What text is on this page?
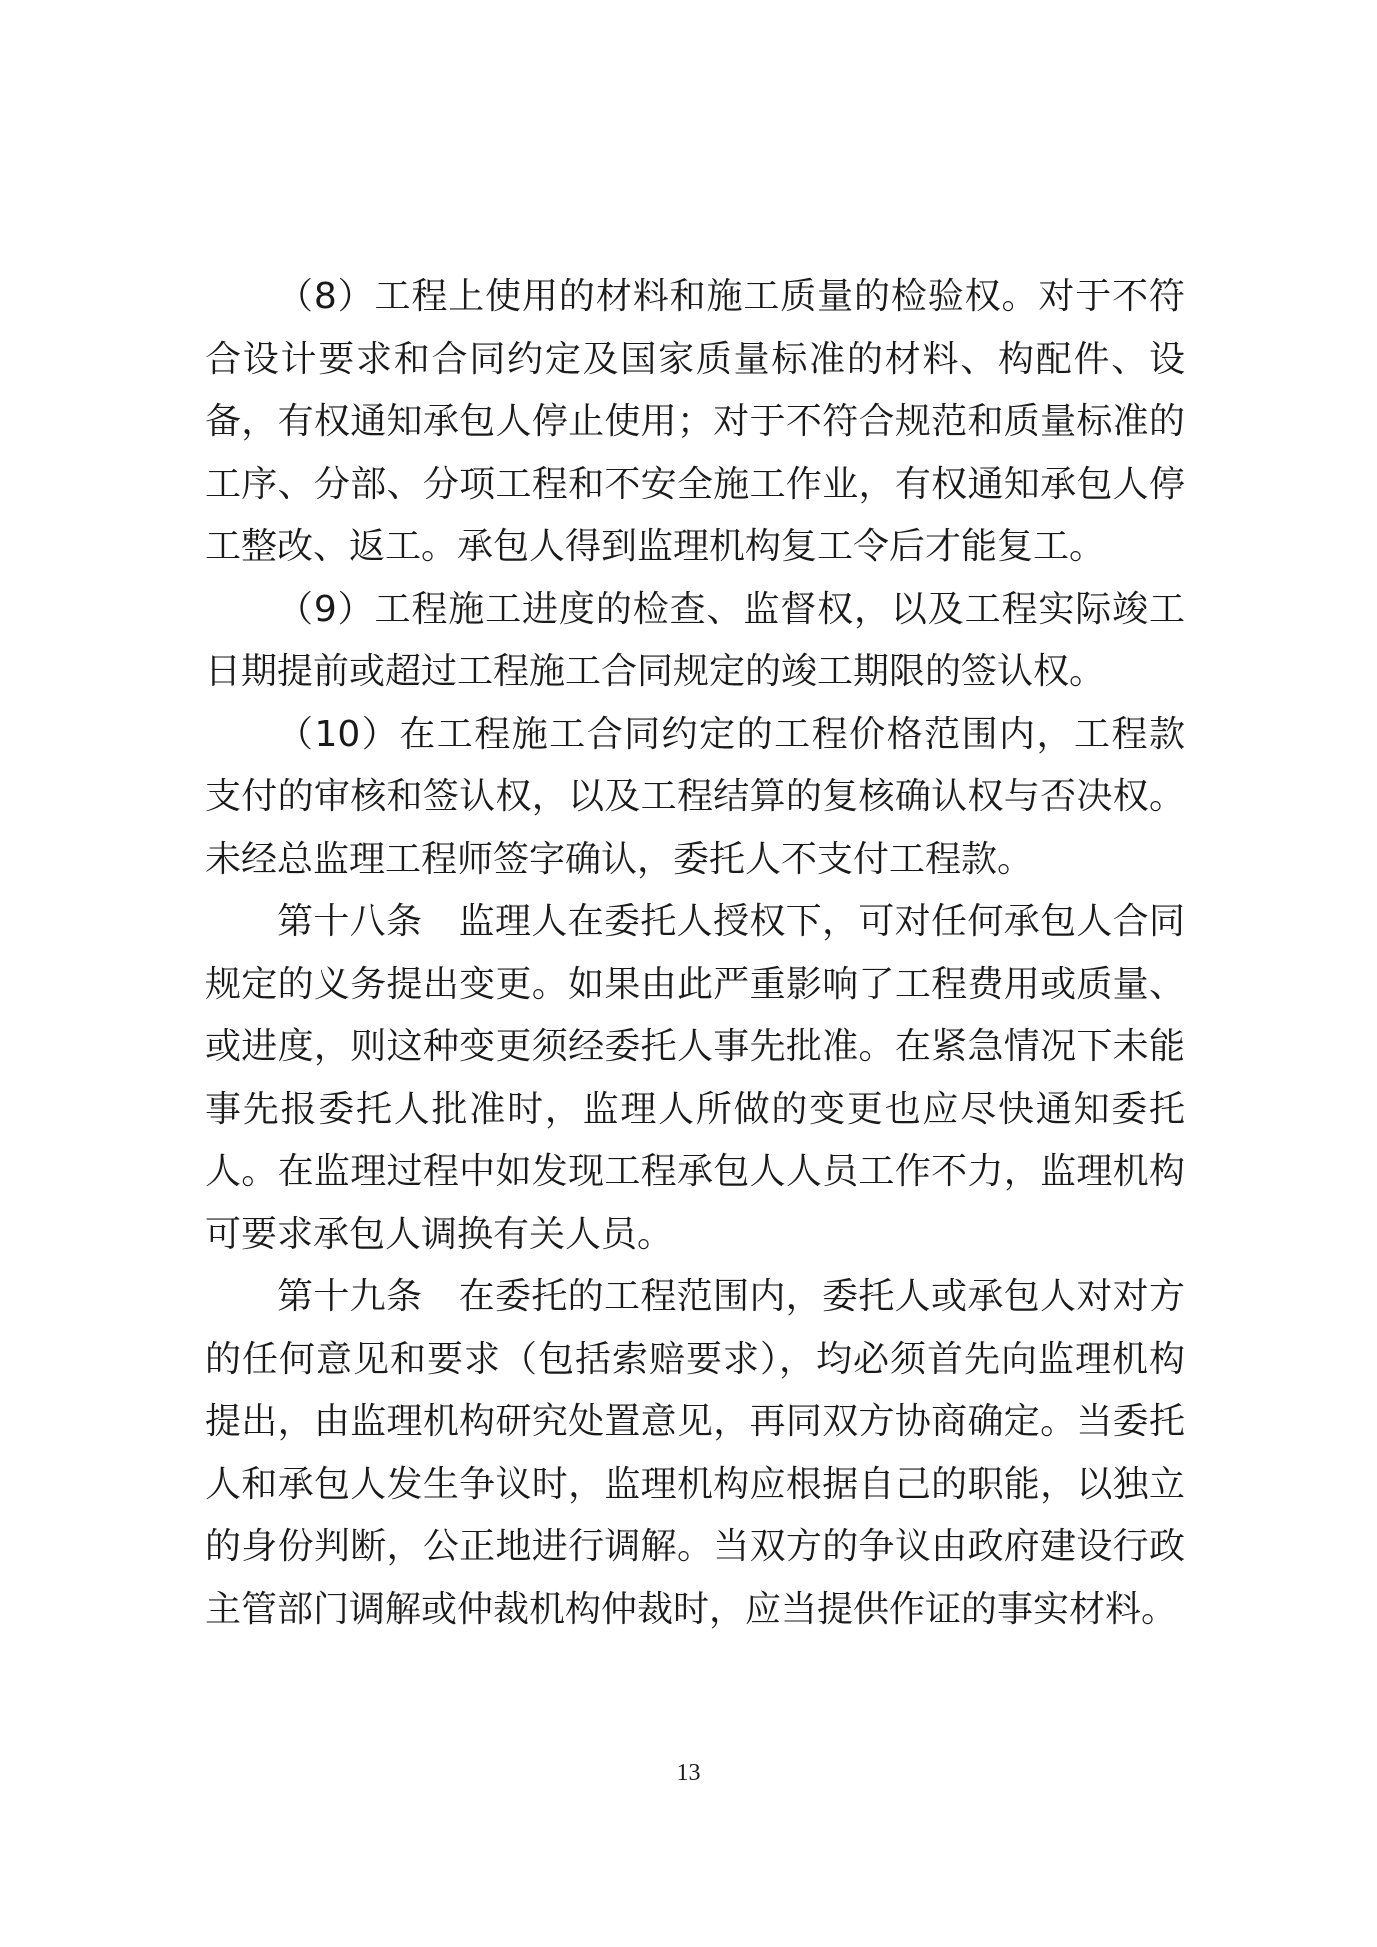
（8）工程上使用的材料和施工质量的检验权。对于不符合设计要求和合同约定及国家质量标准的材料、构配件、设备，有权通知承包人停止使用；对于不符合规范和质量标准的工序、分部、分项工程和不安全施工作业，有权通知承包人停工整改、返工。承包人得到监理机构复工令后才能复工。

（9）工程施工进度的检查、监督权，以及工程实际竣工日期提前或超过工程施工合同规定的竣工期限的签认权。

（10）在工程施工合同约定的工程价格范围内，工程款支付的审核和签认权，以及工程结算的复核确认权与否决权。未经总监理工程师签字确认，委托人不支付工程款。

第十八条　监理人在委托人授权下，可对任何承包人合同规定的义务提出变更。如果由此严重影响了工程费用或质量、或进度，则这种变更须经委托人事先批准。在紧急情况下未能事先报委托人批准时，监理人所做的变更也应尽快通知委托人。在监理过程中如发现工程承包人人员工作不力，监理机构可要求承包人调换有关人员。

第十九条　在委托的工程范围内，委托人或承包人对对方的任何意见和要求（包括索赔要求），均必须首先向监理机构提出，由监理机构研究处置意见，再同双方协商确定。当委托人和承包人发生争议时，监理机构应根据自己的职能，以独立的身份判断，公正地进行调解。当双方的争议由政府建设行政主管部门调解或仲裁机构仲裁时，应当提供作证的事实材料。

13
